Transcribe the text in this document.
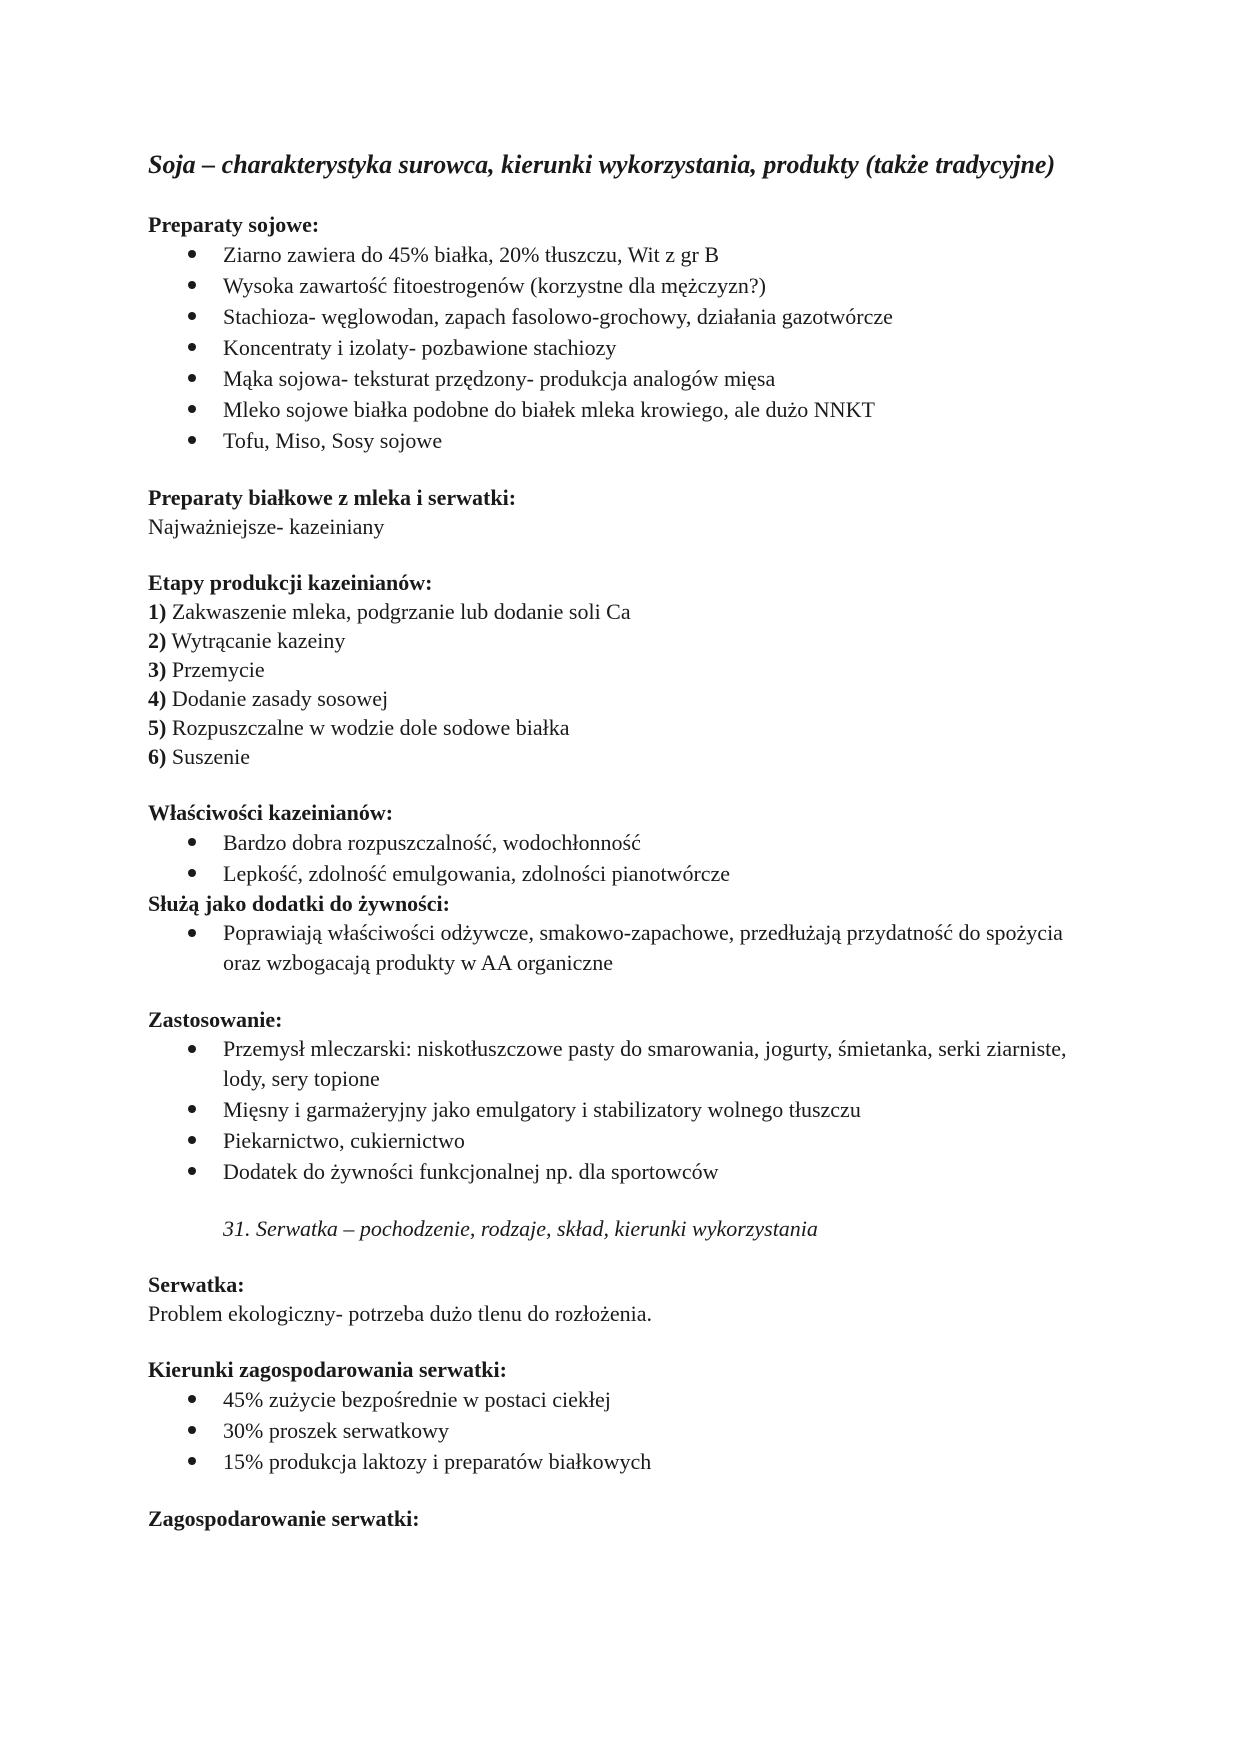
Soja – charakterystyka surowca, kierunki wykorzystania, produkty (także tradycyjne)

Preparaty sojowe:

Ziarno zawiera do 45% białka, 20% tłuszczu, Wit z gr B
Wysoka zawartość fitoestrogenów (korzystne dla mężczyzn?)
Stachioza- węglowodan, zapach fasolowo-grochowy, działania gazotwórcze
Koncentraty i izolaty- pozbawione stachiozy
Mąka sojowa- teksturat przędzony- produkcja analogów mięsa
Mleko sojowe białka podobne do białek mleka krowiego, ale dużo NNKT
Tofu, Miso, Sosy sojowe

Preparaty białkowe z mleka i serwatki:

Najważniejsze- kazeiniany

Etapy produkcji kazeinianów:

1) Zakwaszenie mleka, podgrzanie lub dodanie soli Ca

2) Wytrącanie kazeiny

3) Przemycie

4) Dodanie zasady sosowej

5) Rozpuszczalne w wodzie dole sodowe białka

6) Suszenie

Właściwości kazeinianów:

Bardzo dobra rozpuszczalność, wodochłonność
Lepkość, zdolność emulgowania, zdolności pianotwórcze

Służą jako dodatki do żywności:

Poprawiają właściwości odżywcze, smakowo-zapachowe, przedłużają przydatność do spożycia oraz wzbogacają produkty w AA organiczne

Zastosowanie:

Przemysł mleczarski: niskotłuszczowe pasty do smarowania, jogurty, śmietanka, serki ziarniste, lody, sery topione
Mięsny i garmażeryjny jako emulgatory i stabilizatory wolnego tłuszczu
Piekarnictwo, cukiernictwo
Dodatek do żywności funkcjonalnej np. dla sportowców

31. Serwatka – pochodzenie, rodzaje, skład, kierunki wykorzystania

Serwatka:

Problem ekologiczny- potrzeba dużo tlenu do rozłożenia.

Kierunki zagospodarowania serwatki:

45% zużycie bezpośrednie w postaci ciekłej
30% proszek serwatkowy
15% produkcja laktozy i preparatów białkowych

Zagospodarowanie serwatki:
